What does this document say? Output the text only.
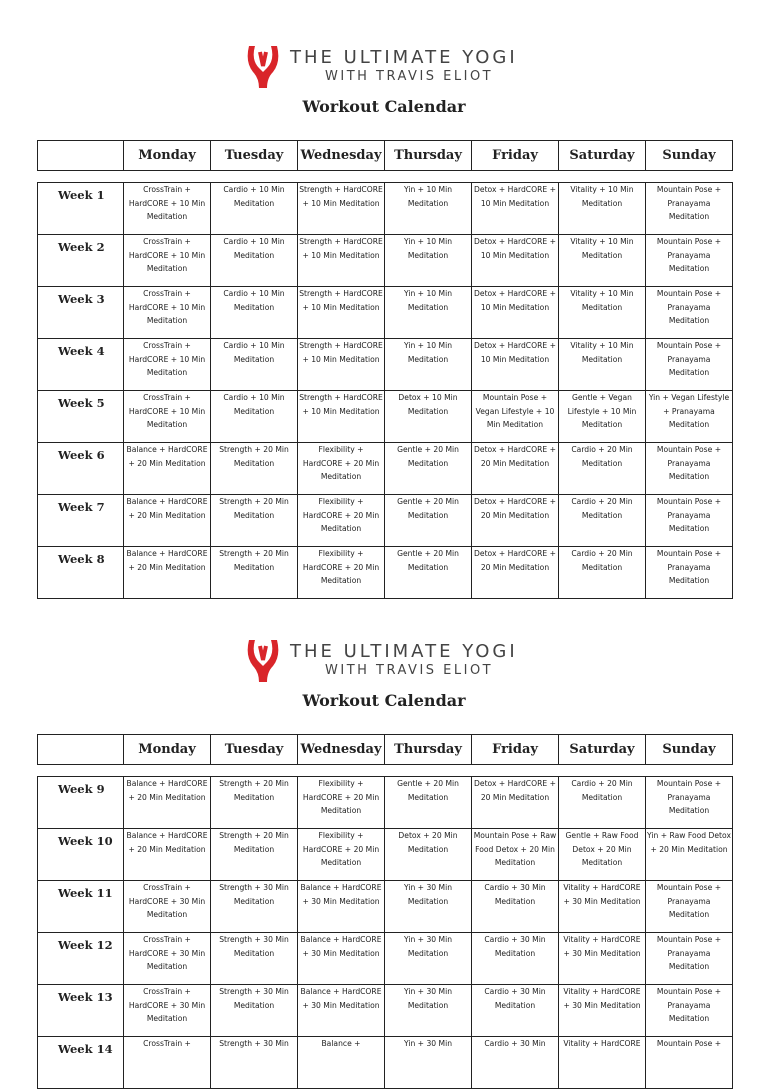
THE ULTIMATE YOGI
WITH TRAVIS ELIOT
Workout Calendar
	Monday	Tuesday	Wednesday	Thursday	Friday	Saturday	Sunday
Week 1	CrossTrain + HardCORE + 10 Min Meditation	Cardio + 10 Min Meditation	Strength + HardCORE + 10 Min Meditation	Yin + 10 Min Meditation	Detox + HardCORE + 10 Min Meditation	Vitality + 10 Min Meditation	Mountain Pose + Pranayama Meditation
Week 2	CrossTrain + HardCORE + 10 Min Meditation	Cardio + 10 Min Meditation	Strength + HardCORE + 10 Min Meditation	Yin + 10 Min Meditation	Detox + HardCORE + 10 Min Meditation	Vitality + 10 Min Meditation	Mountain Pose + Pranayama Meditation
Week 3	CrossTrain + HardCORE + 10 Min Meditation	Cardio + 10 Min Meditation	Strength + HardCORE + 10 Min Meditation	Yin + 10 Min Meditation	Detox + HardCORE + 10 Min Meditation	Vitality + 10 Min Meditation	Mountain Pose + Pranayama Meditation
Week 4	CrossTrain + HardCORE + 10 Min Meditation	Cardio + 10 Min Meditation	Strength + HardCORE + 10 Min Meditation	Yin + 10 Min Meditation	Detox + HardCORE + 10 Min Meditation	Vitality + 10 Min Meditation	Mountain Pose + Pranayama Meditation
Week 5	CrossTrain + HardCORE + 10 Min Meditation	Cardio + 10 Min Meditation	Strength + HardCORE + 10 Min Meditation	Detox + 10 Min Meditation	Mountain Pose + Vegan Lifestyle + 10 Min Meditation	Gentle + Vegan Lifestyle + 10 Min Meditation	Yin + Vegan Lifestyle + Pranayama Meditation
Week 6	Balance + HardCORE + 20 Min Meditation	Strength + 20 Min Meditation	Flexibility + HardCORE + 20 Min Meditation	Gentle + 20 Min Meditation	Detox + HardCORE + 20 Min Meditation	Cardio + 20 Min Meditation	Mountain Pose + Pranayama Meditation
Week 7	Balance + HardCORE + 20 Min Meditation	Strength + 20 Min Meditation	Flexibility + HardCORE + 20 Min Meditation	Gentle + 20 Min Meditation	Detox + HardCORE + 20 Min Meditation	Cardio + 20 Min Meditation	Mountain Pose + Pranayama Meditation
Week 8	Balance + HardCORE + 20 Min Meditation	Strength + 20 Min Meditation	Flexibility + HardCORE + 20 Min Meditation	Gentle + 20 Min Meditation	Detox + HardCORE + 20 Min Meditation	Cardio + 20 Min Meditation	Mountain Pose + Pranayama Meditation
THE ULTIMATE YOGI
WITH TRAVIS ELIOT
Workout Calendar
	Monday	Tuesday	Wednesday	Thursday	Friday	Saturday	Sunday
Week 9	Balance + HardCORE + 20 Min Meditation	Strength + 20 Min Meditation	Flexibility + HardCORE + 20 Min Meditation	Gentle + 20 Min Meditation	Detox + HardCORE + 20 Min Meditation	Cardio + 20 Min Meditation	Mountain Pose + Pranayama Meditation
Week 10	Balance + HardCORE + 20 Min Meditation	Strength + 20 Min Meditation	Flexibility + HardCORE + 20 Min Meditation	Detox + 20 Min Meditation	Mountain Pose + Raw Food Detox + 20 Min Meditation	Gentle + Raw Food Detox + 20 Min Meditation	Yin + Raw Food Detox + 20 Min Meditation
Week 11	CrossTrain + HardCORE + 30 Min Meditation	Strength + 30 Min Meditation	Balance + HardCORE + 30 Min Meditation	Yin + 30 Min Meditation	Cardio + 30 Min Meditation	Vitality + HardCORE + 30 Min Meditation	Mountain Pose + Pranayama Meditation
Week 12	CrossTrain + HardCORE + 30 Min Meditation	Strength + 30 Min Meditation	Balance + HardCORE + 30 Min Meditation	Yin + 30 Min Meditation	Cardio + 30 Min Meditation	Vitality + HardCORE + 30 Min Meditation	Mountain Pose + Pranayama Meditation
Week 13	CrossTrain + HardCORE + 30 Min Meditation	Strength + 30 Min Meditation	Balance + HardCORE + 30 Min Meditation	Yin + 30 Min Meditation	Cardio + 30 Min Meditation	Vitality + HardCORE + 30 Min Meditation	Mountain Pose + Pranayama Meditation
Week 14	CrossTrain +	Strength + 30 Min	Balance +	Yin + 30 Min	Cardio + 30 Min	Vitality + HardCORE	Mountain Pose +
